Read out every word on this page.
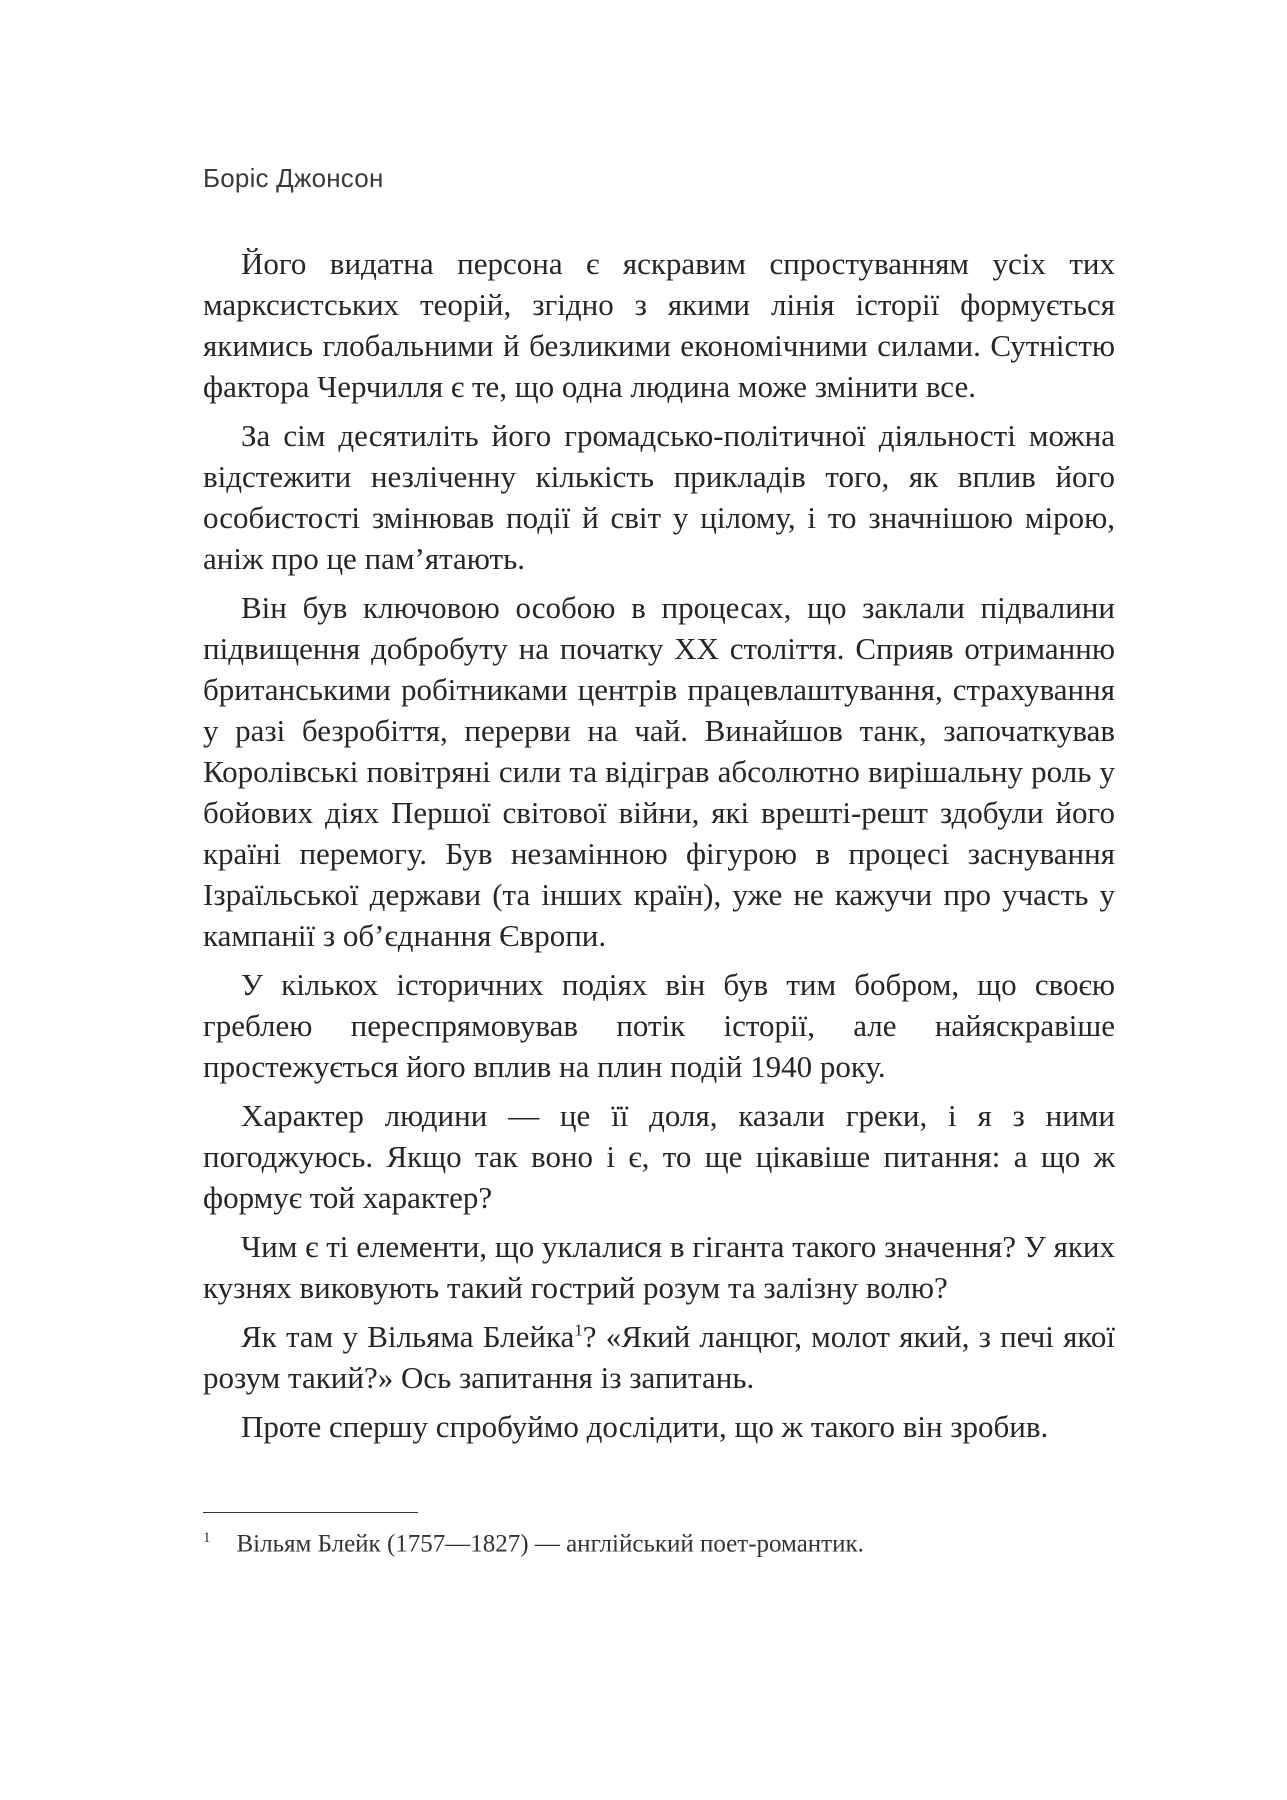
Боріс Джонсон

Його видатна персона є яскравим спростуванням усіх тих марксистських теорій, згідно з якими лінія історії формується якимись глобальними й безликими економічними силами. Сутністю фактора Черчилля є те, що одна людина може змінити все.

За сім десятиліть його громадсько-політичної діяльності можна відстежити незліченну кількість прикладів того, як вплив його особистості змінював події й світ у цілому, і то значнішою мірою, аніж про це пам’ятають.

Він був ключовою особою в процесах, що заклали підвалини підвищення добробуту на початку ХХ століття. Сприяв отриманню британськими робітниками центрів працевлаштування, страхування у разі безробіття, перерви на чай. Винайшов танк, започаткував Королівські повітряні сили та відіграв абсолютно вирішальну роль у бойових діях Першої світової війни, які врешті-решт здобули його країні перемогу. Був незамінною фігурою в процесі заснування Ізраїльської держави (та інших країн), уже не кажучи про участь у кампанії з об’єднання Європи.

У кількох історичних подіях він був тим бобром, що своєю греблею переспрямовував потік історії, але найяскравіше простежується його вплив на плин подій 1940 року.

Характер людини — це її доля, казали греки, і я з ними погоджуюсь. Якщо так воно і є, то ще цікавіше питання: а що ж формує той характер?

Чим є ті елементи, що уклалися в гіганта такого значення? У яких кузнях виковують такий гострий розум та залізну волю?

Як там у Вільяма Блейка$^1$? «Який ланцюг, молот який, з печі якої розум такий?» Ось запитання із запитань.

Проте спершу спробуймо дослідити, що ж такого він зробив.

$^1$ Вільям Блейк (1757—1827) — англійський поет-романтик.
